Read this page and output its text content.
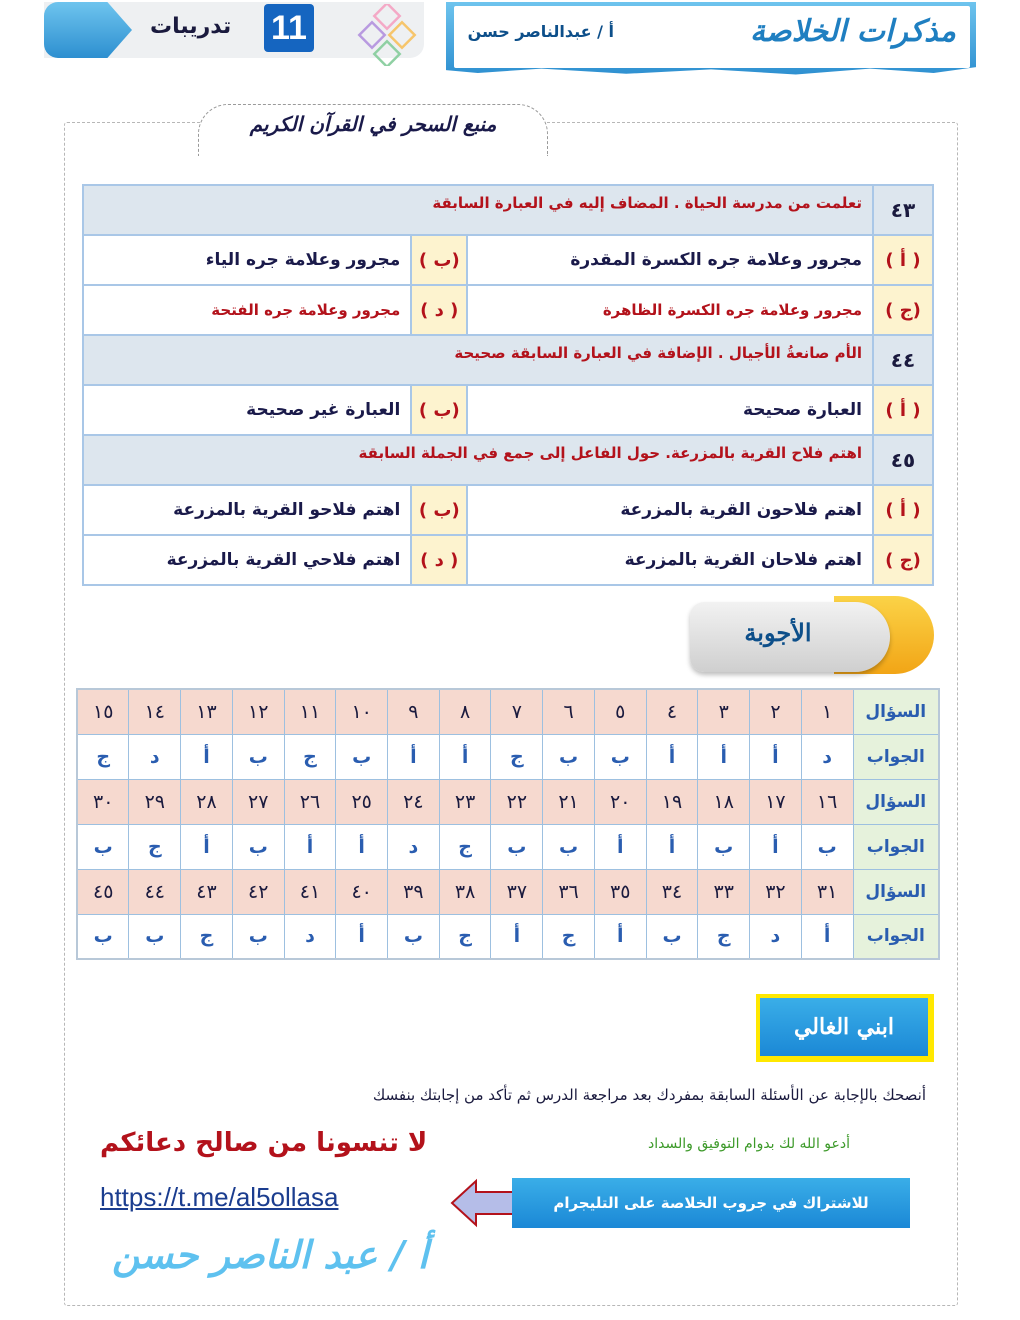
مذكرات الخلاصة
أ / عبدالناصر حسن
تدريبات 11
منبع السحر في القرآن الكريم
٤٣	تعلمت من مدرسة الحياة . المضاف إليه في العبارة السابقة		
( أ )	مجرور وعلامة جره الكسرة المقدرة	(ب )	مجرور وعلامة جره الياء
(ج )	مجرور وعلامة جره الكسرة الظاهرة	( د )	مجرور وعلامة جره الفتحة
٤٤	الأم صانعةُ الأجيال . الإضافة في العبارة السابقة صحيحة		
( أ )	العبارة صحيحة	(ب )	العبارة غير صحيحة
٤٥	اهتم فلاح القرية بالمزرعة. حول الفاعل إلى جمع في الجملة السابقة		
( أ )	اهتم فلاحون القرية بالمزرعة	(ب )	اهتم فلاحو القرية بالمزرعة
(ج )	اهتم فلاحان القرية بالمزرعة	( د )	اهتم فلاحي القرية بالمزرعة
الأجوبة
السؤال	١	٢	٣	٤	٥	٦	٧	٨	٩	١٠	١١	١٢	١٣	١٤	١٥
الجواب	د	أ	أ	أ	ب	ب	ج	أ	أ	ب	ج	ب	أ	د	ج
السؤال	١٦	١٧	١٨	١٩	٢٠	٢١	٢٢	٢٣	٢٤	٢٥	٢٦	٢٧	٢٨	٢٩	٣٠
الجواب	ب	أ	ب	أ	أ	ب	ب	ج	د	أ	أ	ب	أ	ج	ب
السؤال	٣١	٣٢	٣٣	٣٤	٣٥	٣٦	٣٧	٣٨	٣٩	٤٠	٤١	٤٢	٤٣	٤٤	٤٥
الجواب	أ	د	ج	ب	أ	ج	أ	ج	ب	أ	د	ب	ج	ب	ب
ابني الغالي
أنصحك بالإجابة عن الأسئلة السابقة بمفردك بعد مراجعة الدرس ثم تأكد من إجابتك بنفسك
أدعو الله لك بدوام التوفيق والسداد
لا تنسونا من صالح دعائكم
https://t.me/al5ollasa	للاشتراك في جروب الخلاصة على التليجرام
أ / عبد الناصر حسن
